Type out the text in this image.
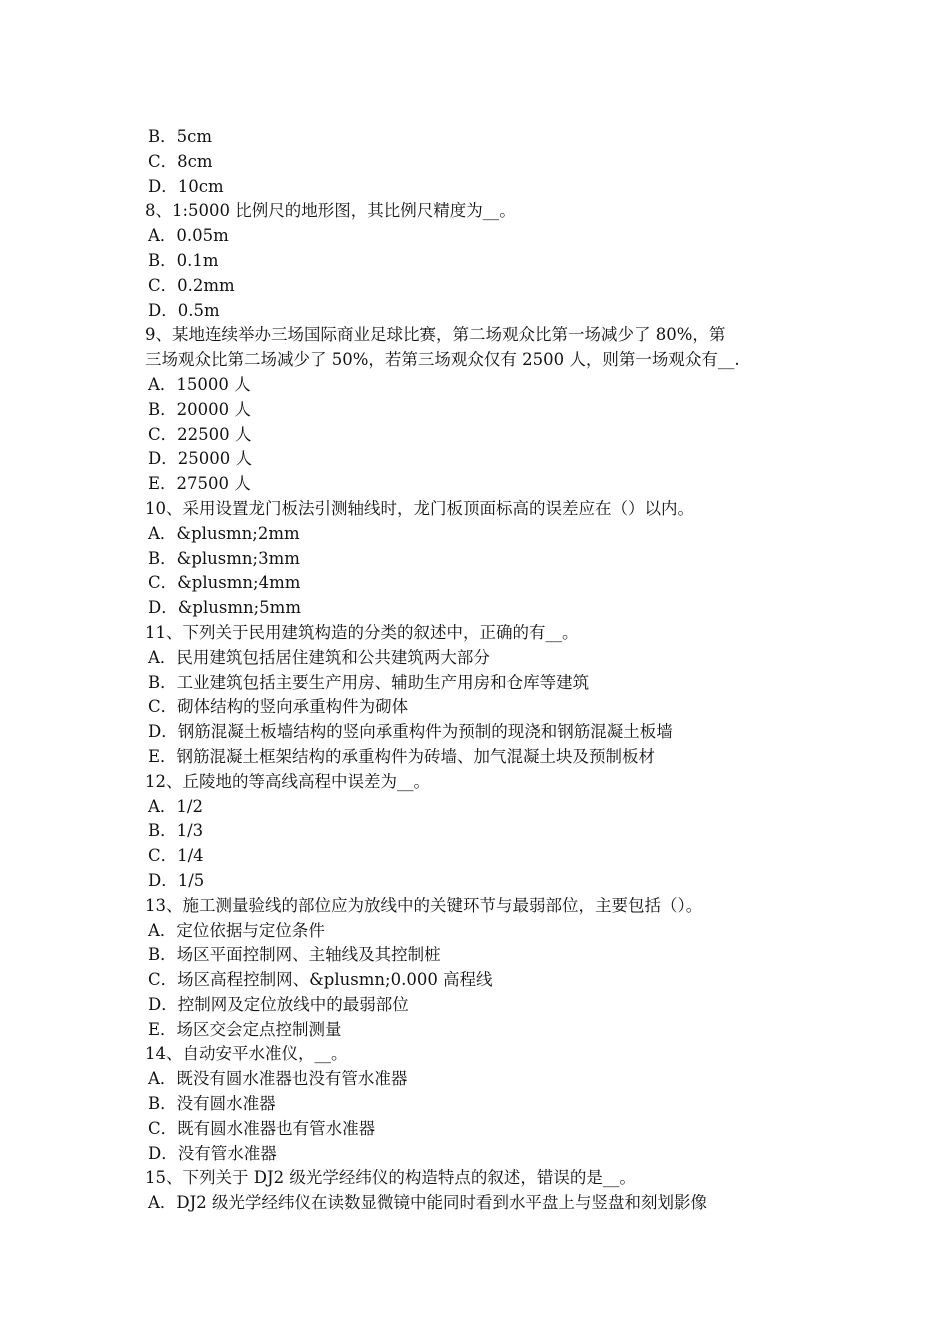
B．5cm
C．8cm
D．10cm
8、1:5000 比例尺的地形图，其比例尺精度为__。
A．0.05m
B．0.1m
C．0.2mm
D．0.5m
9、某地连续举办三场国际商业足球比赛，第二场观众比第一场减少了 80%，第
三场观众比第二场减少了 50%，若第三场观众仅有 2500 人，则第一场观众有__.
A．15000 人
B．20000 人
C．22500 人
D．25000 人
E．27500 人
10、采用设置龙门板法引测轴线时，龙门板顶面标高的误差应在（）以内。
A．&plusmn;2mm
B．&plusmn;3mm
C．&plusmn;4mm
D．&plusmn;5mm
11、下列关于民用建筑构造的分类的叙述中，正确的有__。
A．民用建筑包括居住建筑和公共建筑两大部分
B．工业建筑包括主要生产用房、辅助生产用房和仓库等建筑
C．砌体结构的竖向承重构件为砌体
D．钢筋混凝土板墙结构的竖向承重构件为预制的现浇和钢筋混凝土板墙
E．钢筋混凝土框架结构的承重构件为砖墙、加气混凝土块及预制板材
12、丘陵地的等高线高程中误差为__。
A．1/2
B．1/3
C．1/4
D．1/5
13、施工测量验线的部位应为放线中的关键环节与最弱部位，主要包括（）。
A．定位依据与定位条件
B．场区平面控制网、主轴线及其控制桩
C．场区高程控制网、&plusmn;0.000 高程线
D．控制网及定位放线中的最弱部位
E．场区交会定点控制测量
14、自动安平水准仪，__。
A．既没有圆水准器也没有管水准器
B．没有圆水准器
C．既有圆水准器也有管水准器
D．没有管水准器
15、下列关于 DJ2 级光学经纬仪的构造特点的叙述，错误的是__。
A．DJ2 级光学经纬仪在读数显微镜中能同时看到水平盘上与竖盘和刻划影像
